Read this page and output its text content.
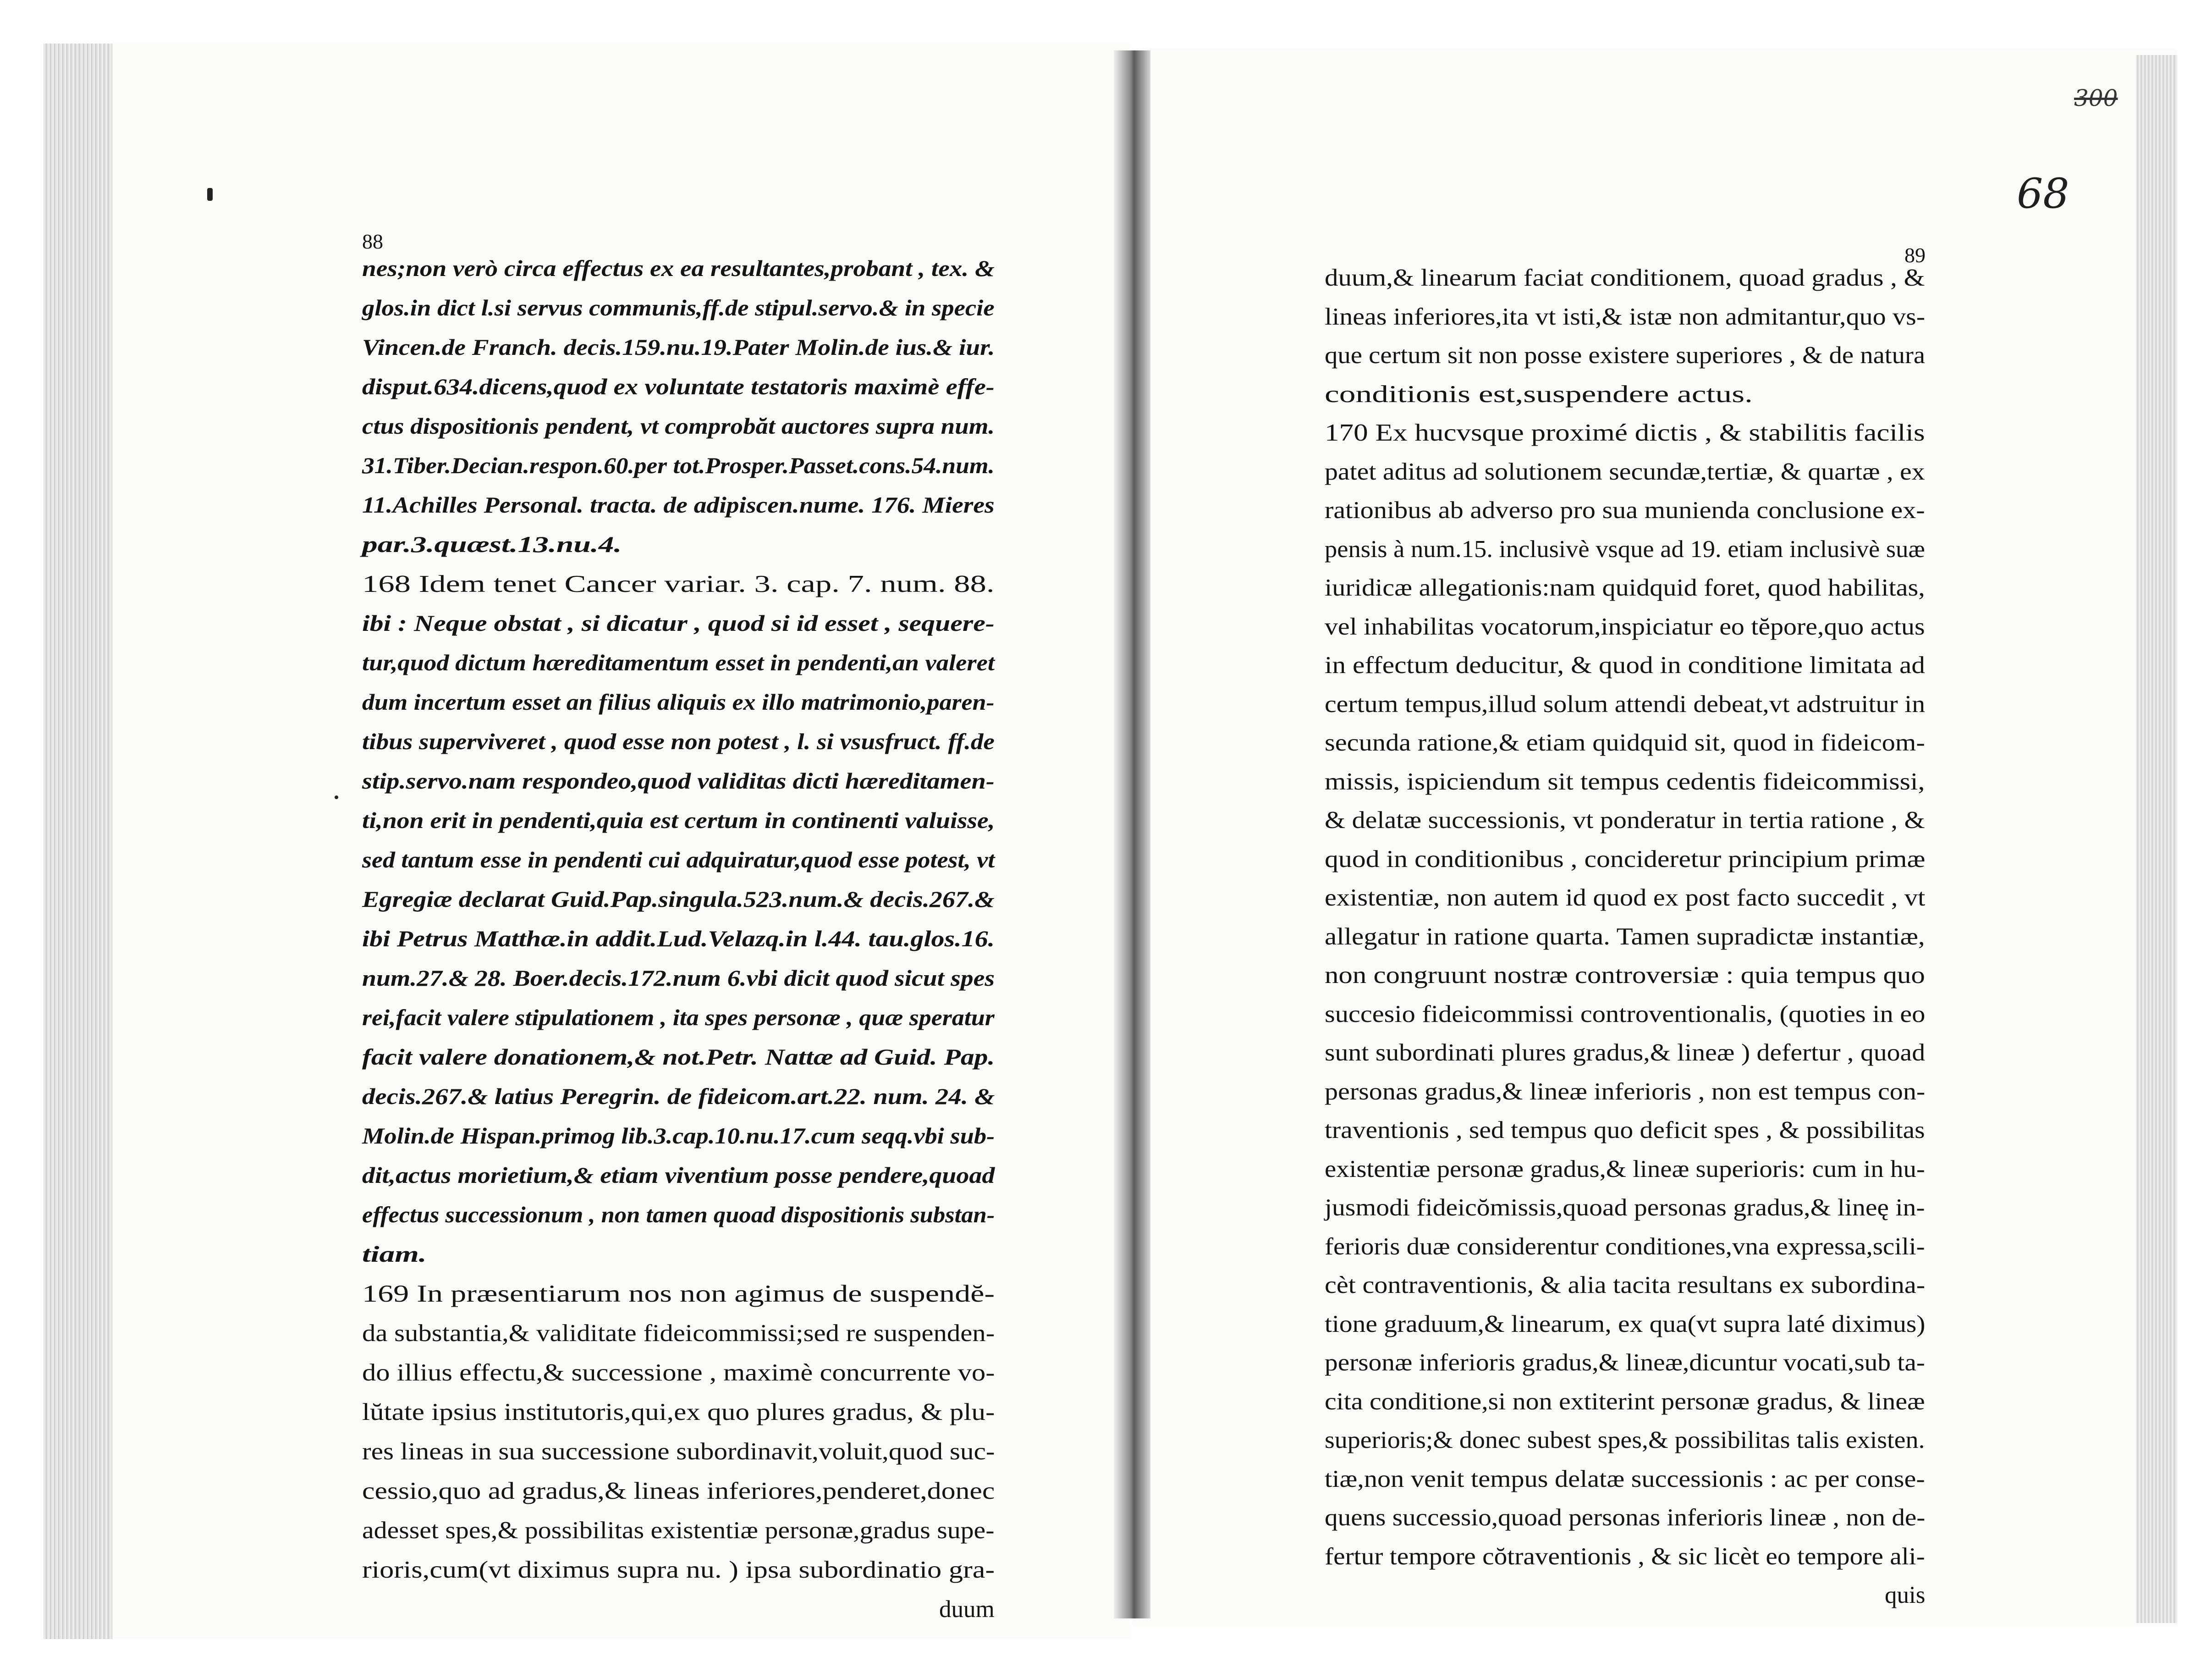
88
89
300
68
nes;non verò circa effectus ex ea resultantes,probant , tex. &
glos.in dict l.si servus communis,ff.de stipul.servo.& in specie
Vincen.de Franch. decis.159.nu.19.Pater Molin.de ius.& iur.
disput.634.dicens,quod ex voluntate testatoris maximè effe-
ctus dispositionis pendent, vt comprobăt auctores supra num.
31.Tiber.Decian.respon.60.per tot.Prosper.Passet.cons.54.num.
11.Achilles Personal. tracta. de adipiscen.nume. 176. Mieres
par.3.quæst.13.nu.4.
168 Idem tenet Cancer variar. 3. cap. 7. num. 88.
ibi : Neque obstat , si dicatur , quod si id esset , sequere-
tur,quod dictum hæreditamentum esset in pendenti,an valeret
dum incertum esset an filius aliquis ex illo matrimonio,paren-
tibus superviveret , quod esse non potest , l. si vsusfruct. ff.de
stip.servo.nam respondeo,quod validitas dicti hæreditamen-
ti,non erit in pendenti,quia est certum in continenti valuisse,
sed tantum esse in pendenti cui adquiratur,quod esse potest, vt
Egregiæ declarat Guid.Pap.singula.523.num.& decis.267.&
ibi Petrus Matthæ.in addit.Lud.Velazq.in l.44. tau.glos.16.
num.27.& 28. Boer.decis.172.num 6.vbi dicit quod sicut spes
rei,facit valere stipulationem , ita spes personæ , quæ speratur
facit valere donationem,& not.Petr. Nattæ ad Guid. Pap.
decis.267.& latius Peregrin. de fideicom.art.22. num. 24. &
Molin.de Hispan.primog lib.3.cap.10.nu.17.cum seqq.vbi sub-
dit,actus morietium,& etiam viventium posse pendere,quoad
effectus successionum , non tamen quoad dispositionis substan-
tiam.
169 In præsentiarum nos non agimus de suspendĕ-
da substantia,& validitate fideicommissi;sed re suspenden-
do illius effectu,& successione , maximè concurrente vo-
lŭtate ipsius institutoris,qui,ex quo plures gradus, & plu-
res lineas in sua successione subordinavit,voluit,quod suc-
cessio,quo ad gradus,& lineas inferiores,penderet,donec
adesset spes,& possibilitas existentiæ personæ,gradus supe-
rioris,cum(vt diximus supra nu. ) ipsa subordinatio gra-
duum
duum,& linearum faciat conditionem, quoad gradus , &
lineas inferiores,ita vt isti,& istæ non admitantur,quo vs-
que certum sit non posse existere superiores , & de natura
conditionis est,suspendere actus.
170 Ex hucvsque proximé dictis , & stabilitis facilis
patet aditus ad solutionem secundæ,tertiæ, & quartæ , ex
rationibus ab adverso pro sua munienda conclusione ex-
pensis à num.15. inclusivè vsque ad 19. etiam inclusivè suæ
iuridicæ allegationis:nam quidquid foret, quod habilitas,
vel inhabilitas vocatorum,inspiciatur eo tĕpore,quo actus
in effectum deducitur, & quod in conditione limitata ad
certum tempus,illud solum attendi debeat,vt adstruitur in
secunda ratione,& etiam quidquid sit, quod in fideicom-
missis, ispiciendum sit tempus cedentis fideicommissi,
& delatæ successionis, vt ponderatur in tertia ratione , &
quod in conditionibus , concideretur principium primæ
existentiæ, non autem id quod ex post facto succedit , vt
allegatur in ratione quarta. Tamen supradictæ instantiæ,
non congruunt nostræ controversiæ : quia tempus quo
succesio fideicommissi controventionalis, (quoties in eo
sunt subordinati plures gradus,& lineæ ) defertur , quoad
personas gradus,& lineæ inferioris , non est tempus con-
traventionis , sed tempus quo deficit spes , & possibilitas
existentiæ personæ gradus,& lineæ superioris: cum in hu-
jusmodi fideicŏmissis,quoad personas gradus,& lineę in-
ferioris duæ considerentur conditiones,vna expressa,scili-
cèt contraventionis, & alia tacita resultans ex subordina-
tione graduum,& linearum, ex qua(vt supra laté diximus)
personæ inferioris gradus,& lineæ,dicuntur vocati,sub ta-
cita conditione,si non extiterint personæ gradus, & lineæ
superioris;& donec subest spes,& possibilitas talis existen.
tiæ,non venit tempus delatæ successionis : ac per conse-
quens successio,quoad personas inferioris lineæ , non de-
fertur tempore cŏtraventionis , & sic licèt eo tempore ali-
quis
